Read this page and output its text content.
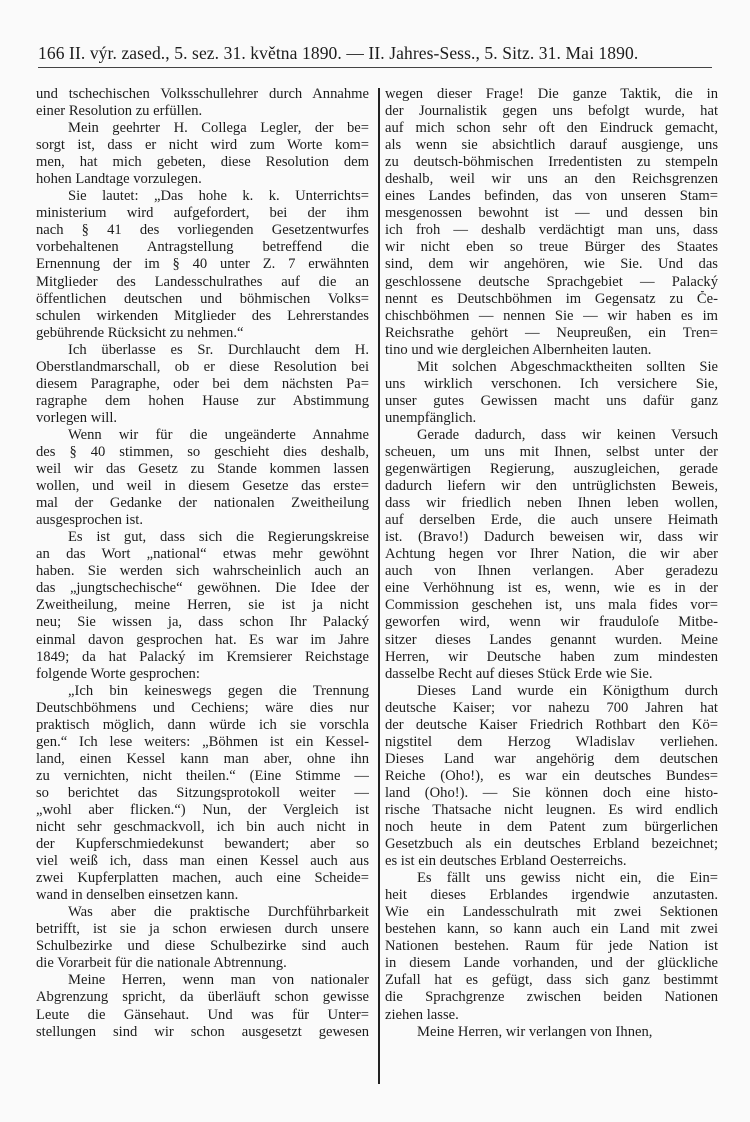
166 II. výr. zased., 5. sez. 31. května 1890. — II. Jahres-Sess., 5. Sitz. 31. Mai 1890.
und tschechischen Volksschullehrer durch Annahme
einer Resolution zu erfüllen.
Mein geehrter H. Collega Legler, der be=
sorgt ist, dass er nicht wird zum Worte kom=
men, hat mich gebeten, diese Resolution dem
hohen Landtage vorzulegen.
Sie lautet: „Das hohe k. k. Unterrichts=
ministerium wird aufgefordert, bei der ihm
nach § 41 des vorliegenden Gesetzentwurfes
vorbehaltenen Antragstellung betreffend die
Ernennung der im § 40 unter Z. 7 erwähnten
Mitglieder des Landesschulrathes auf die an
öffentlichen deutschen und böhmischen Volks=
schulen wirkenden Mitglieder des Lehrerstandes
gebührende Rücksicht zu nehmen.“
Ich überlasse es Sr. Durchlaucht dem H.
Oberstlandmarschall, ob er diese Resolution bei
diesem Paragraphe, oder bei dem nächsten Pa=
ragraphe dem hohen Hause zur Abstimmung
vorlegen will.
Wenn wir für die ungeänderte Annahme
des § 40 stimmen, so geschieht dies deshalb,
weil wir das Gesetz zu Stande kommen lassen
wollen, und weil in diesem Gesetze das erste=
mal der Gedanke der nationalen Zweitheilung
ausgesprochen ist.
Es ist gut, dass sich die Regierungskreise
an das Wort „national“ etwas mehr gewöhnt
haben. Sie werden sich wahrscheinlich auch an
das „jungtschechische“ gewöhnen. Die Idee der
Zweitheilung, meine Herren, sie ist ja nicht
neu; Sie wissen ja, dass schon Ihr Palacký
einmal davon gesprochen hat. Es war im Jahre
1849; da hat Palacký im Kremsierer Reichstage
folgende Worte gesprochen:
„Ich bin keineswegs gegen die Trennung
Deutschböhmens und Cechiens; wäre dies nur
praktisch möglich, dann würde ich sie vorschla
gen.“ Ich lese weiters: „Böhmen ist ein Kessel-
land, einen Kessel kann man aber, ohne ihn
zu vernichten, nicht theilen.“ (Eine Stimme —
so berichtet das Sitzungsprotokoll weiter —
„wohl aber flicken.“) Nun, der Vergleich ist
nicht sehr geschmackvoll, ich bin auch nicht in
der Kupferschmiedekunst bewandert; aber so
viel weiß ich, dass man einen Kessel auch aus
zwei Kupferplatten machen, auch eine Scheide=
wand in denselben einsetzen kann.
Was aber die praktische Durchführbarkeit
betrifft, ist sie ja schon erwiesen durch unsere
Schulbezirke und diese Schulbezirke sind auch
die Vorarbeit für die nationale Abtrennung.
Meine Herren, wenn man von nationaler
Abgrenzung spricht, da überläuft schon gewisse
Leute die Gänsehaut. Und was für Unter=
stellungen sind wir schon ausgesetzt gewesen
wegen dieser Frage! Die ganze Taktik, die in
der Journalistik gegen uns befolgt wurde, hat
auf mich schon sehr oft den Eindruck gemacht,
als wenn sie absichtlich darauf ausgienge, uns
zu deutsch-böhmischen Irredentisten zu stempeln
deshalb, weil wir uns an den Reichsgrenzen
eines Landes befinden, das von unseren Stam=
mesgenossen bewohnt ist — und dessen bin
ich froh — deshalb verdächtigt man uns, dass
wir nicht eben so treue Bürger des Staates
sind, dem wir angehören, wie Sie. Und das
geschlossene deutsche Sprachgebiet — Palacký
nennt es Deutschböhmen im Gegensatz zu Če-
chischböhmen — nennen Sie — wir haben es im
Reichsrathe gehört — Neupreußen, ein Tren=
tino und wie dergleichen Albernheiten lauten.
Mit solchen Abgeschmacktheiten sollten Sie
uns wirklich verschonen. Ich versichere Sie,
unser gutes Gewissen macht uns dafür ganz
unempfänglich.
Gerade dadurch, dass wir keinen Versuch
scheuen, um uns mit Ihnen, selbst unter der
gegenwärtigen Regierung, auszugleichen, gerade
dadurch liefern wir den untrüglichsten Beweis,
dass wir friedlich neben Ihnen leben wollen,
auf derselben Erde, die auch unsere Heimath
ist. (Bravo!) Dadurch beweisen wir, dass wir
Achtung hegen vor Ihrer Nation, die wir aber
auch von Ihnen verlangen. Aber geradezu
eine Verhöhnung ist es, wenn, wie es in der
Commission geschehen ist, uns mala fides vor=
geworfen wird, wenn wir frauduloſe Mitbe-
sitzer dieses Landes genannt wurden. Meine
Herren, wir Deutsche haben zum mindesten
dasselbe Recht auf dieses Stück Erde wie Sie.
Dieses Land wurde ein Königthum durch
deutsche Kaiser; vor nahezu 700 Jahren hat
der deutsche Kaiser Friedrich Rothbart den Kö=
nigstitel dem Herzog Wladislav verliehen.
Dieses Land war angehörig dem deutschen
Reiche (Oho!), es war ein deutsches Bundes=
land (Oho!). — Sie können doch eine histo-
rische Thatsache nicht leugnen. Es wird endlich
noch heute in dem Patent zum bürgerlichen
Gesetzbuch als ein deutsches Erbland bezeichnet;
es ist ein deutsches Erbland Oesterreichs.
Es fällt uns gewiss nicht ein, die Ein=
heit dieses Erblandes irgendwie anzutasten.
Wie ein Landesschulrath mit zwei Sektionen
bestehen kann, so kann auch ein Land mit zwei
Nationen bestehen. Raum für jede Nation ist
in diesem Lande vorhanden, und der glückliche
Zufall hat es gefügt, dass sich ganz bestimmt
die Sprachgrenze zwischen beiden Nationen
ziehen lasse.
Meine Herren, wir verlangen von Ihnen,
